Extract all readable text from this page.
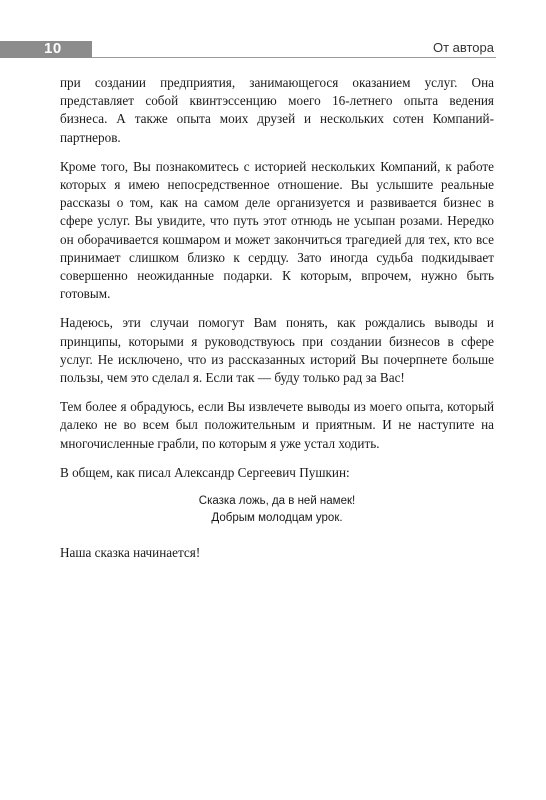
10	От автора

при создании предприятия, занимающегося оказанием услуг. Она представляет собой квинтэссенцию моего 16-летнего опыта ведения бизнеса. А также опыта моих друзей и нескольких сотен Компаний-партнеров.

Кроме того, Вы познакомитесь с историей нескольких Компаний, к работе которых я имею непосредственное отношение. Вы услышите реальные рассказы о том, как на самом деле организуется и развивается бизнес в сфере услуг. Вы увидите, что путь этот отнюдь не усыпан розами. Нередко он оборачивается кошмаром и может закончиться трагедией для тех, кто все принимает слишком близко к сердцу. Зато иногда судьба подкидывает совершенно неожиданные подарки. К которым, впрочем, нужно быть готовым.

Надеюсь, эти случаи помогут Вам понять, как рождались выводы и принципы, которыми я руководствуюсь при создании бизнесов в сфере услуг. Не исключено, что из рассказанных историй Вы почерпнете больше пользы, чем это сделал я. Если так — буду только рад за Вас!

Тем более я обрадуюсь, если Вы извлечете выводы из моего опыта, который далеко не во всем был положительным и приятным. И не наступите на многочисленные грабли, по которым я уже устал ходить.

В общем, как писал Александр Сергеевич Пушкин:

Сказка ложь, да в ней намек!
Добрым молодцам урок.

Наша сказка начинается!
